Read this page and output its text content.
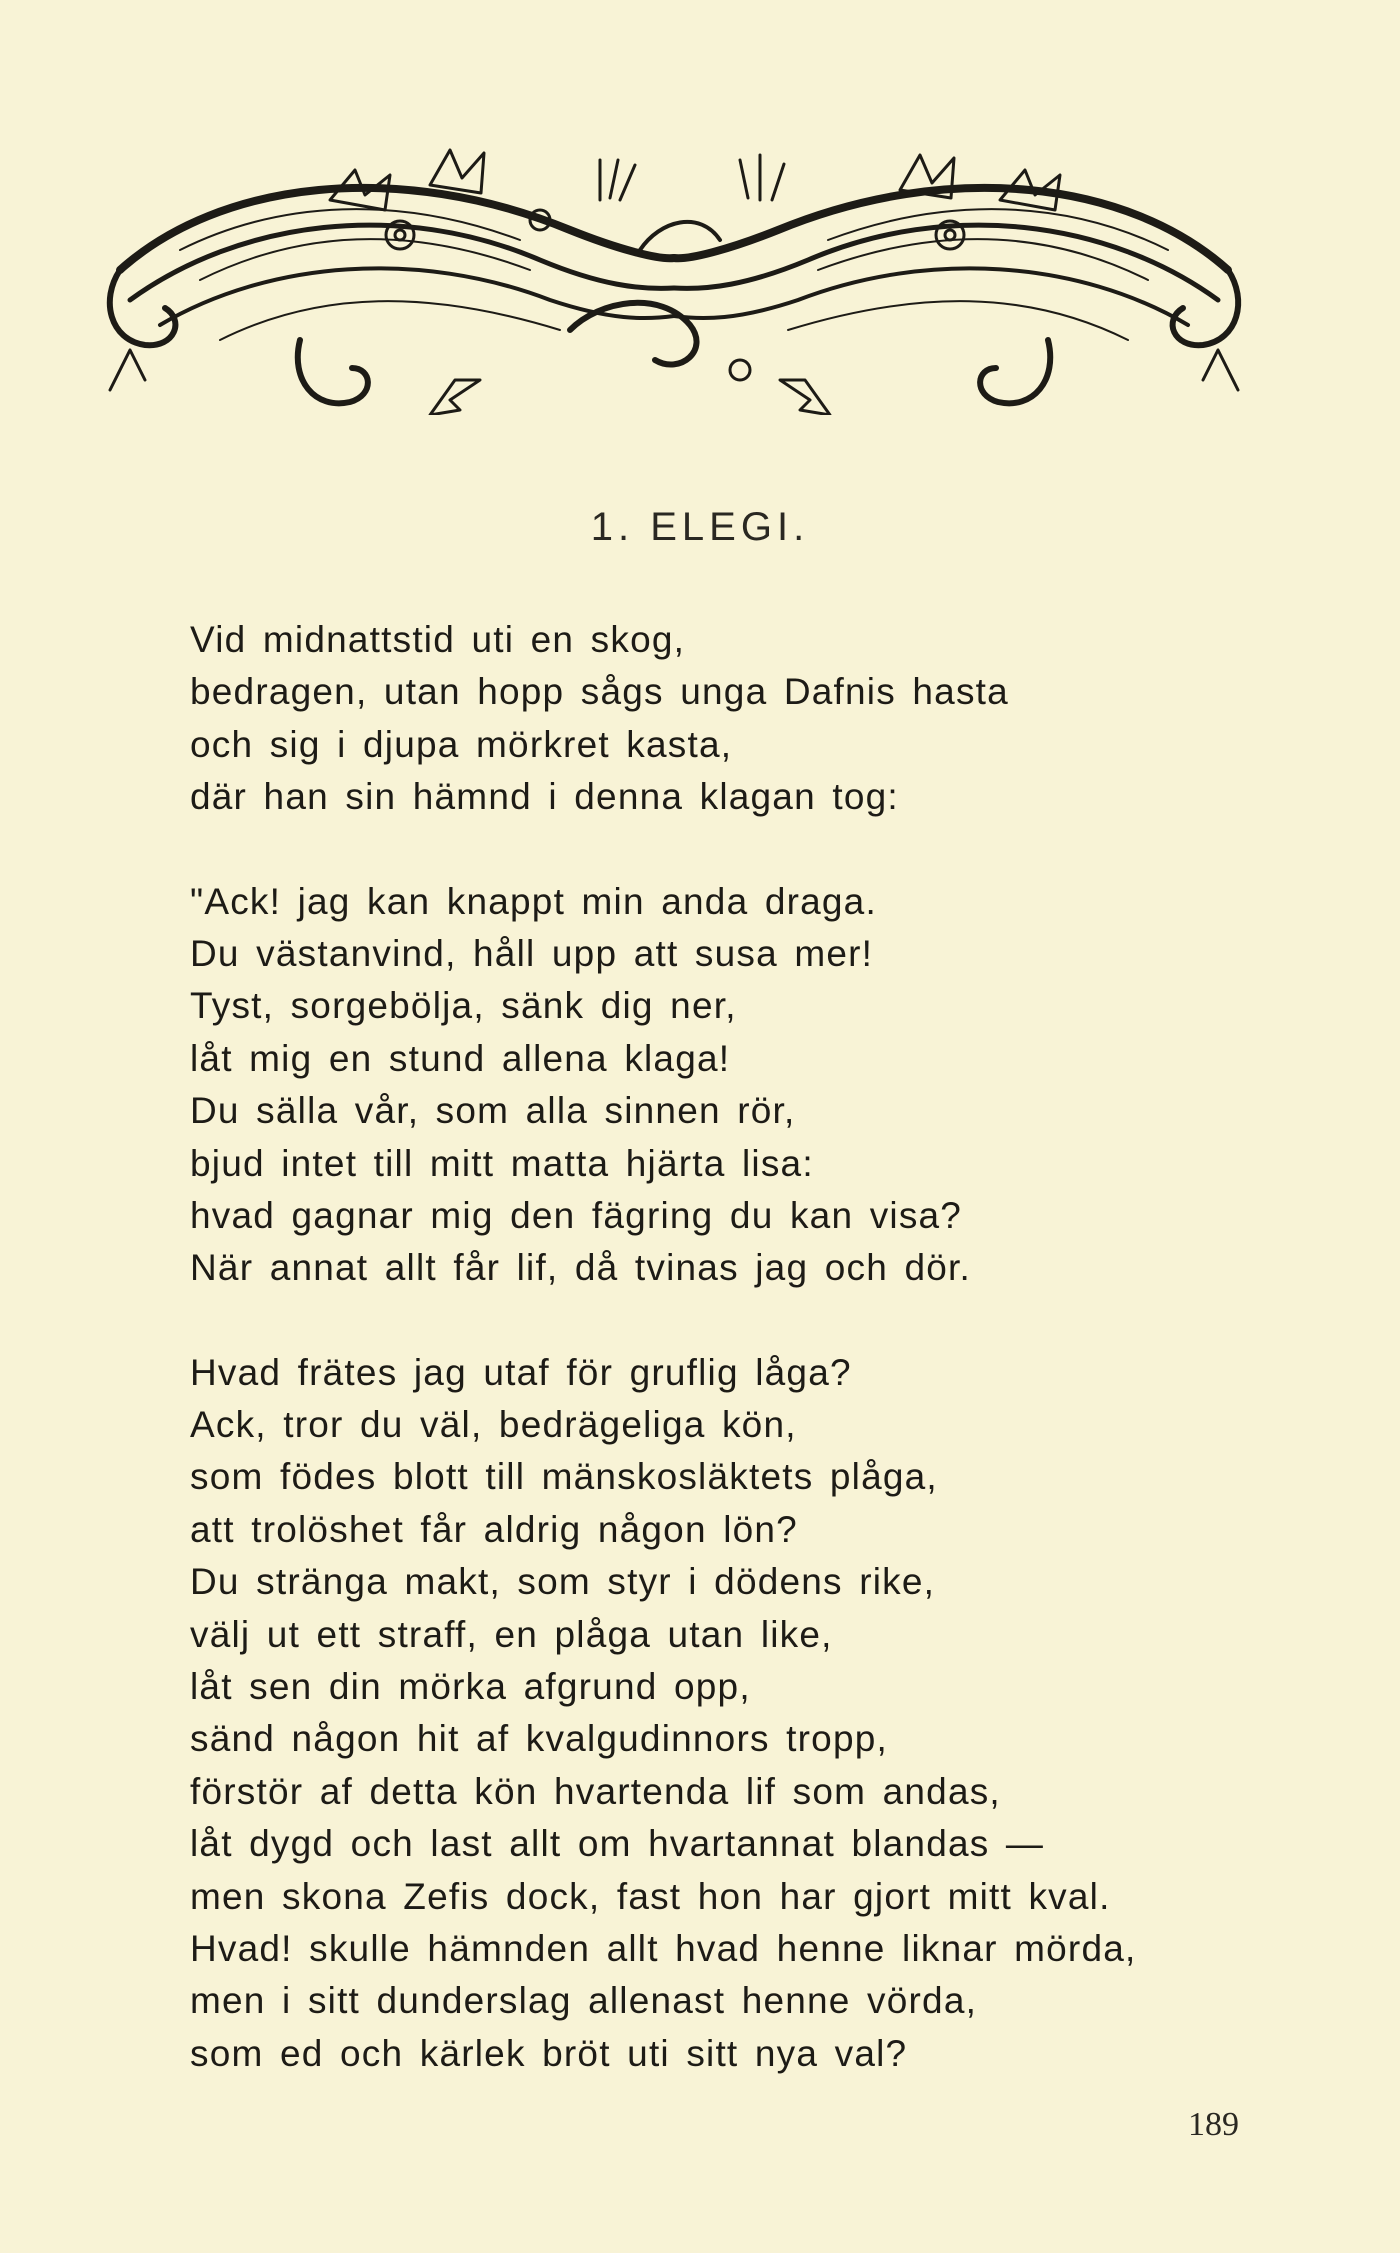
1. ELEGI.
Vid midnattstid uti en skog,
bedragen, utan hopp sågs unga Dafnis hasta
och sig i djupa mörkret kasta,
där han sin hämnd i denna klagan tog:
"Ack! jag kan knappt min anda draga.
Du västanvind, håll upp att susa mer!
Tyst, sorgebölja, sänk dig ner,
låt mig en stund allena klaga!
Du sälla vår, som alla sinnen rör,
bjud intet till mitt matta hjärta lisa:
hvad gagnar mig den fägring du kan visa?
När annat allt får lif, då tvinas jag och dör.
Hvad frätes jag utaf för gruflig låga?
Ack, tror du väl, bedrägeliga kön,
som födes blott till mänskosläktets plåga,
att trolöshet får aldrig någon lön?
Du stränga makt, som styr i dödens rike,
välj ut ett straff, en plåga utan like,
låt sen din mörka afgrund opp,
sänd någon hit af kvalgudinnors tropp,
förstör af detta kön hvartenda lif som andas,
låt dygd och last allt om hvartannat blandas —
men skona Zefis dock, fast hon har gjort mitt kval.
Hvad! skulle hämnden allt hvad henne liknar mörda,
men i sitt dunderslag allenast henne vörda,
som ed och kärlek bröt uti sitt nya val?
189
